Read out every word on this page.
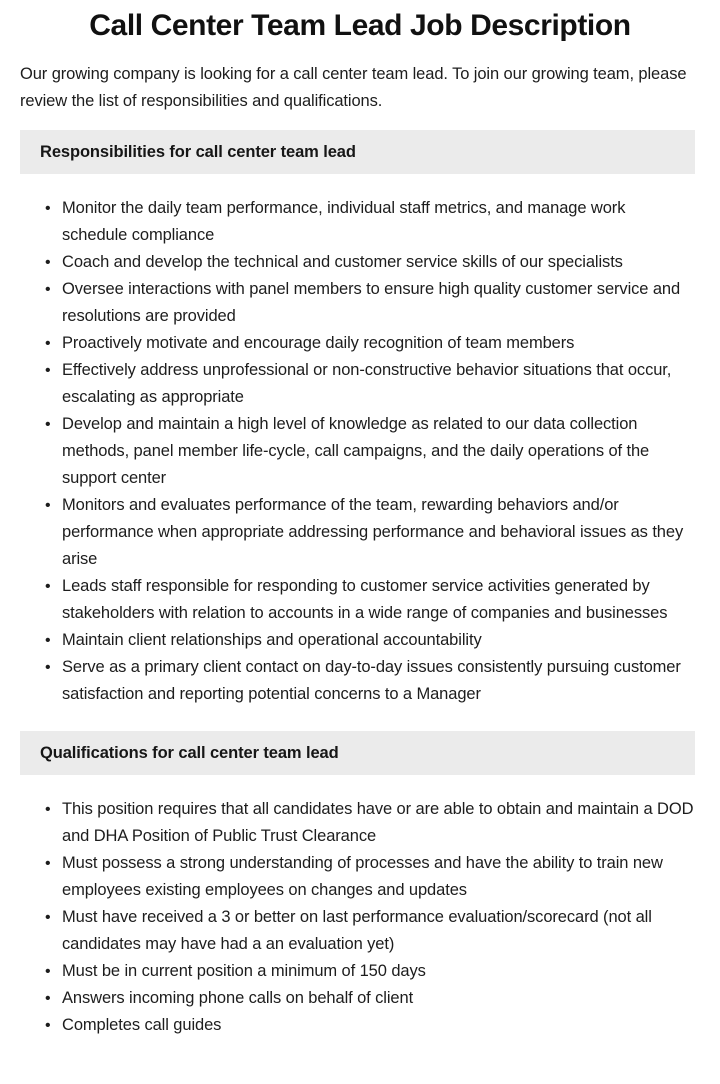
Call Center Team Lead Job Description

Our growing company is looking for a call center team lead. To join our growing team, please review the list of responsibilities and qualifications.

Responsibilities for call center team lead
• Monitor the daily team performance, individual staff metrics, and manage work schedule compliance
• Coach and develop the technical and customer service skills of our specialists
• Oversee interactions with panel members to ensure high quality customer service and resolutions are provided
• Proactively motivate and encourage daily recognition of team members
• Effectively address unprofessional or non-constructive behavior situations that occur, escalating as appropriate
• Develop and maintain a high level of knowledge as related to our data collection methods, panel member life-cycle, call campaigns, and the daily operations of the support center
• Monitors and evaluates performance of the team, rewarding behaviors and/or performance when appropriate addressing performance and behavioral issues as they arise
• Leads staff responsible for responding to customer service activities generated by stakeholders with relation to accounts in a wide range of companies and businesses
• Maintain client relationships and operational accountability
• Serve as a primary client contact on day-to-day issues consistently pursuing customer satisfaction and reporting potential concerns to a Manager
Qualifications for call center team lead
• This position requires that all candidates have or are able to obtain and maintain a DOD and DHA Position of Public Trust Clearance
• Must possess a strong understanding of processes and have the ability to train new employees existing employees on changes and updates
• Must have received a 3 or better on last performance evaluation/scorecard (not all candidates may have had a an evaluation yet)
• Must be in current position a minimum of 150 days
• Answers incoming phone calls on behalf of client
• Completes call guides
